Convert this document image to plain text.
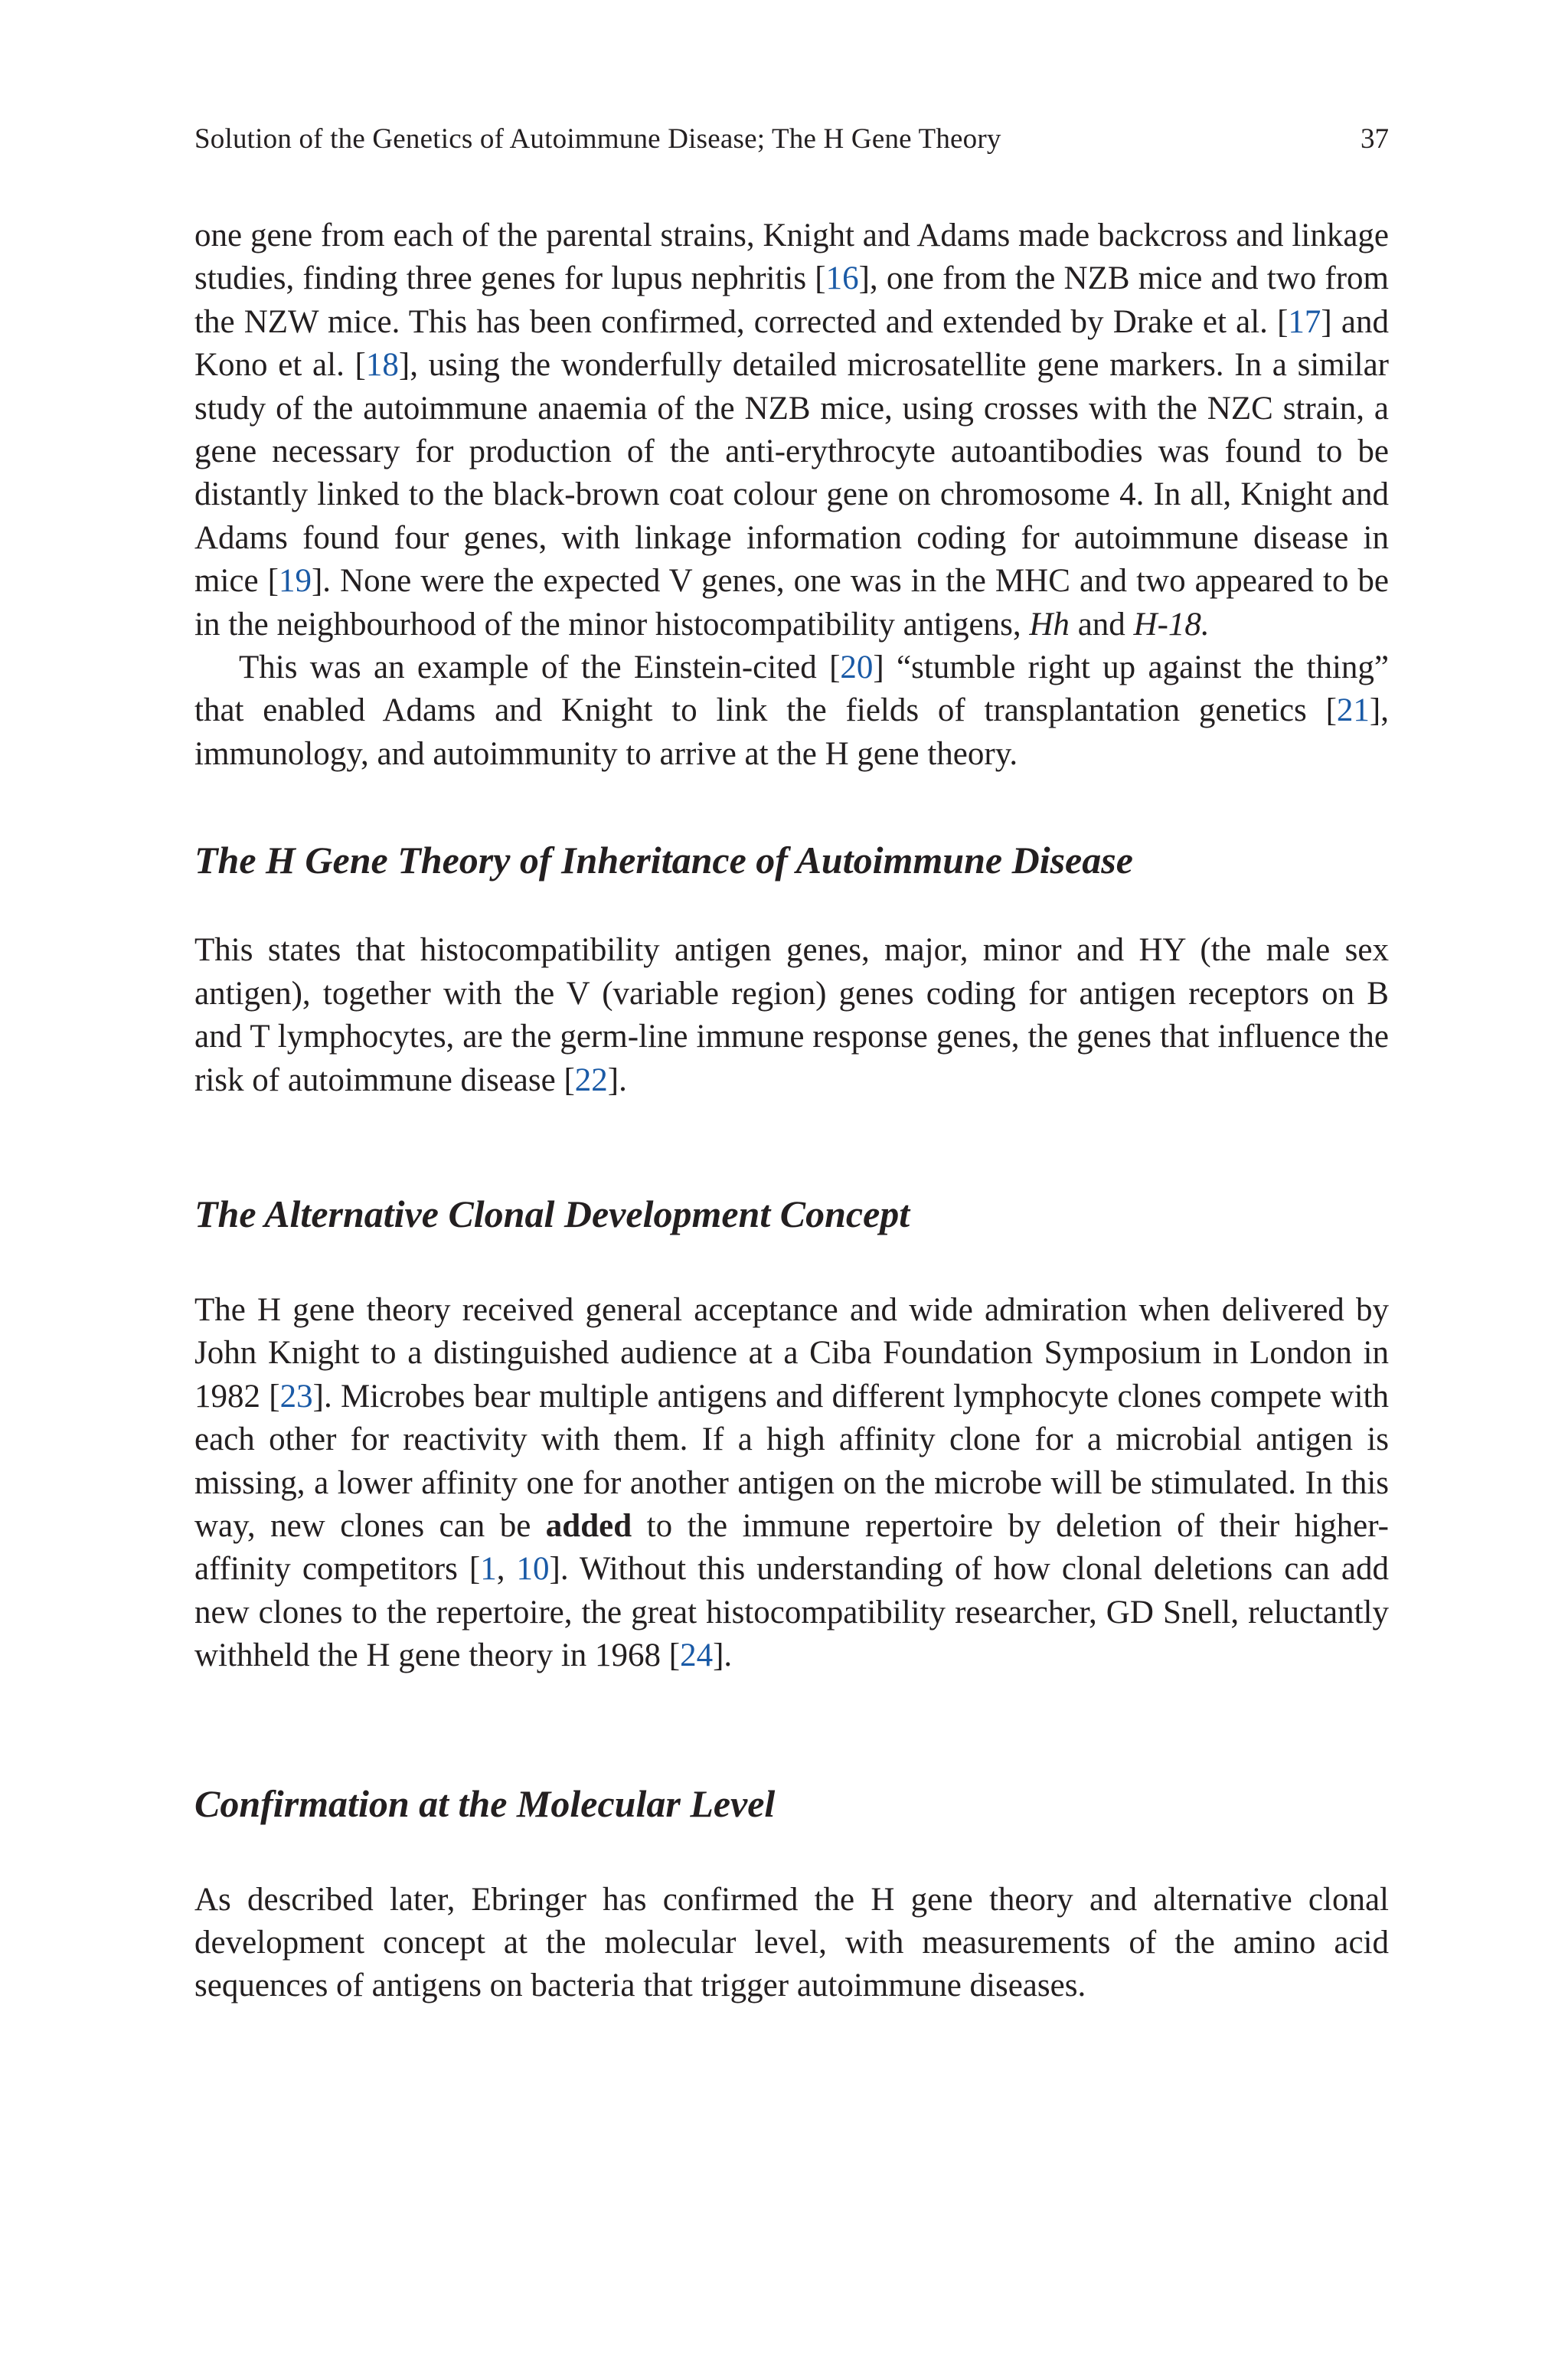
Solution of the Genetics of Autoimmune Disease; The H Gene Theory	37

one gene from each of the parental strains, Knight and Adams made backcross and linkage studies, finding three genes for lupus nephritis [16], one from the NZB mice and two from the NZW mice. This has been confirmed, corrected and extended by Drake et al. [17] and Kono et al. [18], using the wonderfully detailed microsatellite gene markers. In a similar study of the autoimmune anaemia of the NZB mice, using crosses with the NZC strain, a gene necessary for production of the anti-erythrocyte autoantibodies was found to be distantly linked to the black-brown coat colour gene on chromosome 4. In all, Knight and Adams found four genes, with linkage information coding for autoimmune disease in mice [19]. None were the expected V genes, one was in the MHC and two appeared to be in the neighbourhood of the minor histocompatibility antigens, Hh and H-18.

This was an example of the Einstein-cited [20] “stumble right up against the thing” that enabled Adams and Knight to link the fields of transplantation genetics [21], immunology, and autoimmunity to arrive at the H gene theory.

The H Gene Theory of Inheritance of Autoimmune Disease

This states that histocompatibility antigen genes, major, minor and HY (the male sex antigen), together with the V (variable region) genes coding for antigen receptors on B and T lymphocytes, are the germ-line immune response genes, the genes that influence the risk of autoimmune disease [22].

The Alternative Clonal Development Concept

The H gene theory received general acceptance and wide admiration when delivered by John Knight to a distinguished audience at a Ciba Foundation Symposium in London in 1982 [23]. Microbes bear multiple antigens and different lymphocyte clones compete with each other for reactivity with them. If a high affinity clone for a microbial antigen is missing, a lower affinity one for another antigen on the microbe will be stimulated. In this way, new clones can be added to the immune repertoire by deletion of their higher-affinity competitors [1, 10]. Without this understanding of how clonal deletions can add new clones to the repertoire, the great histocompatibility researcher, GD Snell, reluctantly withheld the H gene theory in 1968 [24].

Confirmation at the Molecular Level

As described later, Ebringer has confirmed the H gene theory and alternative clonal development concept at the molecular level, with measurements of the amino acid sequences of antigens on bacteria that trigger autoimmune diseases.
